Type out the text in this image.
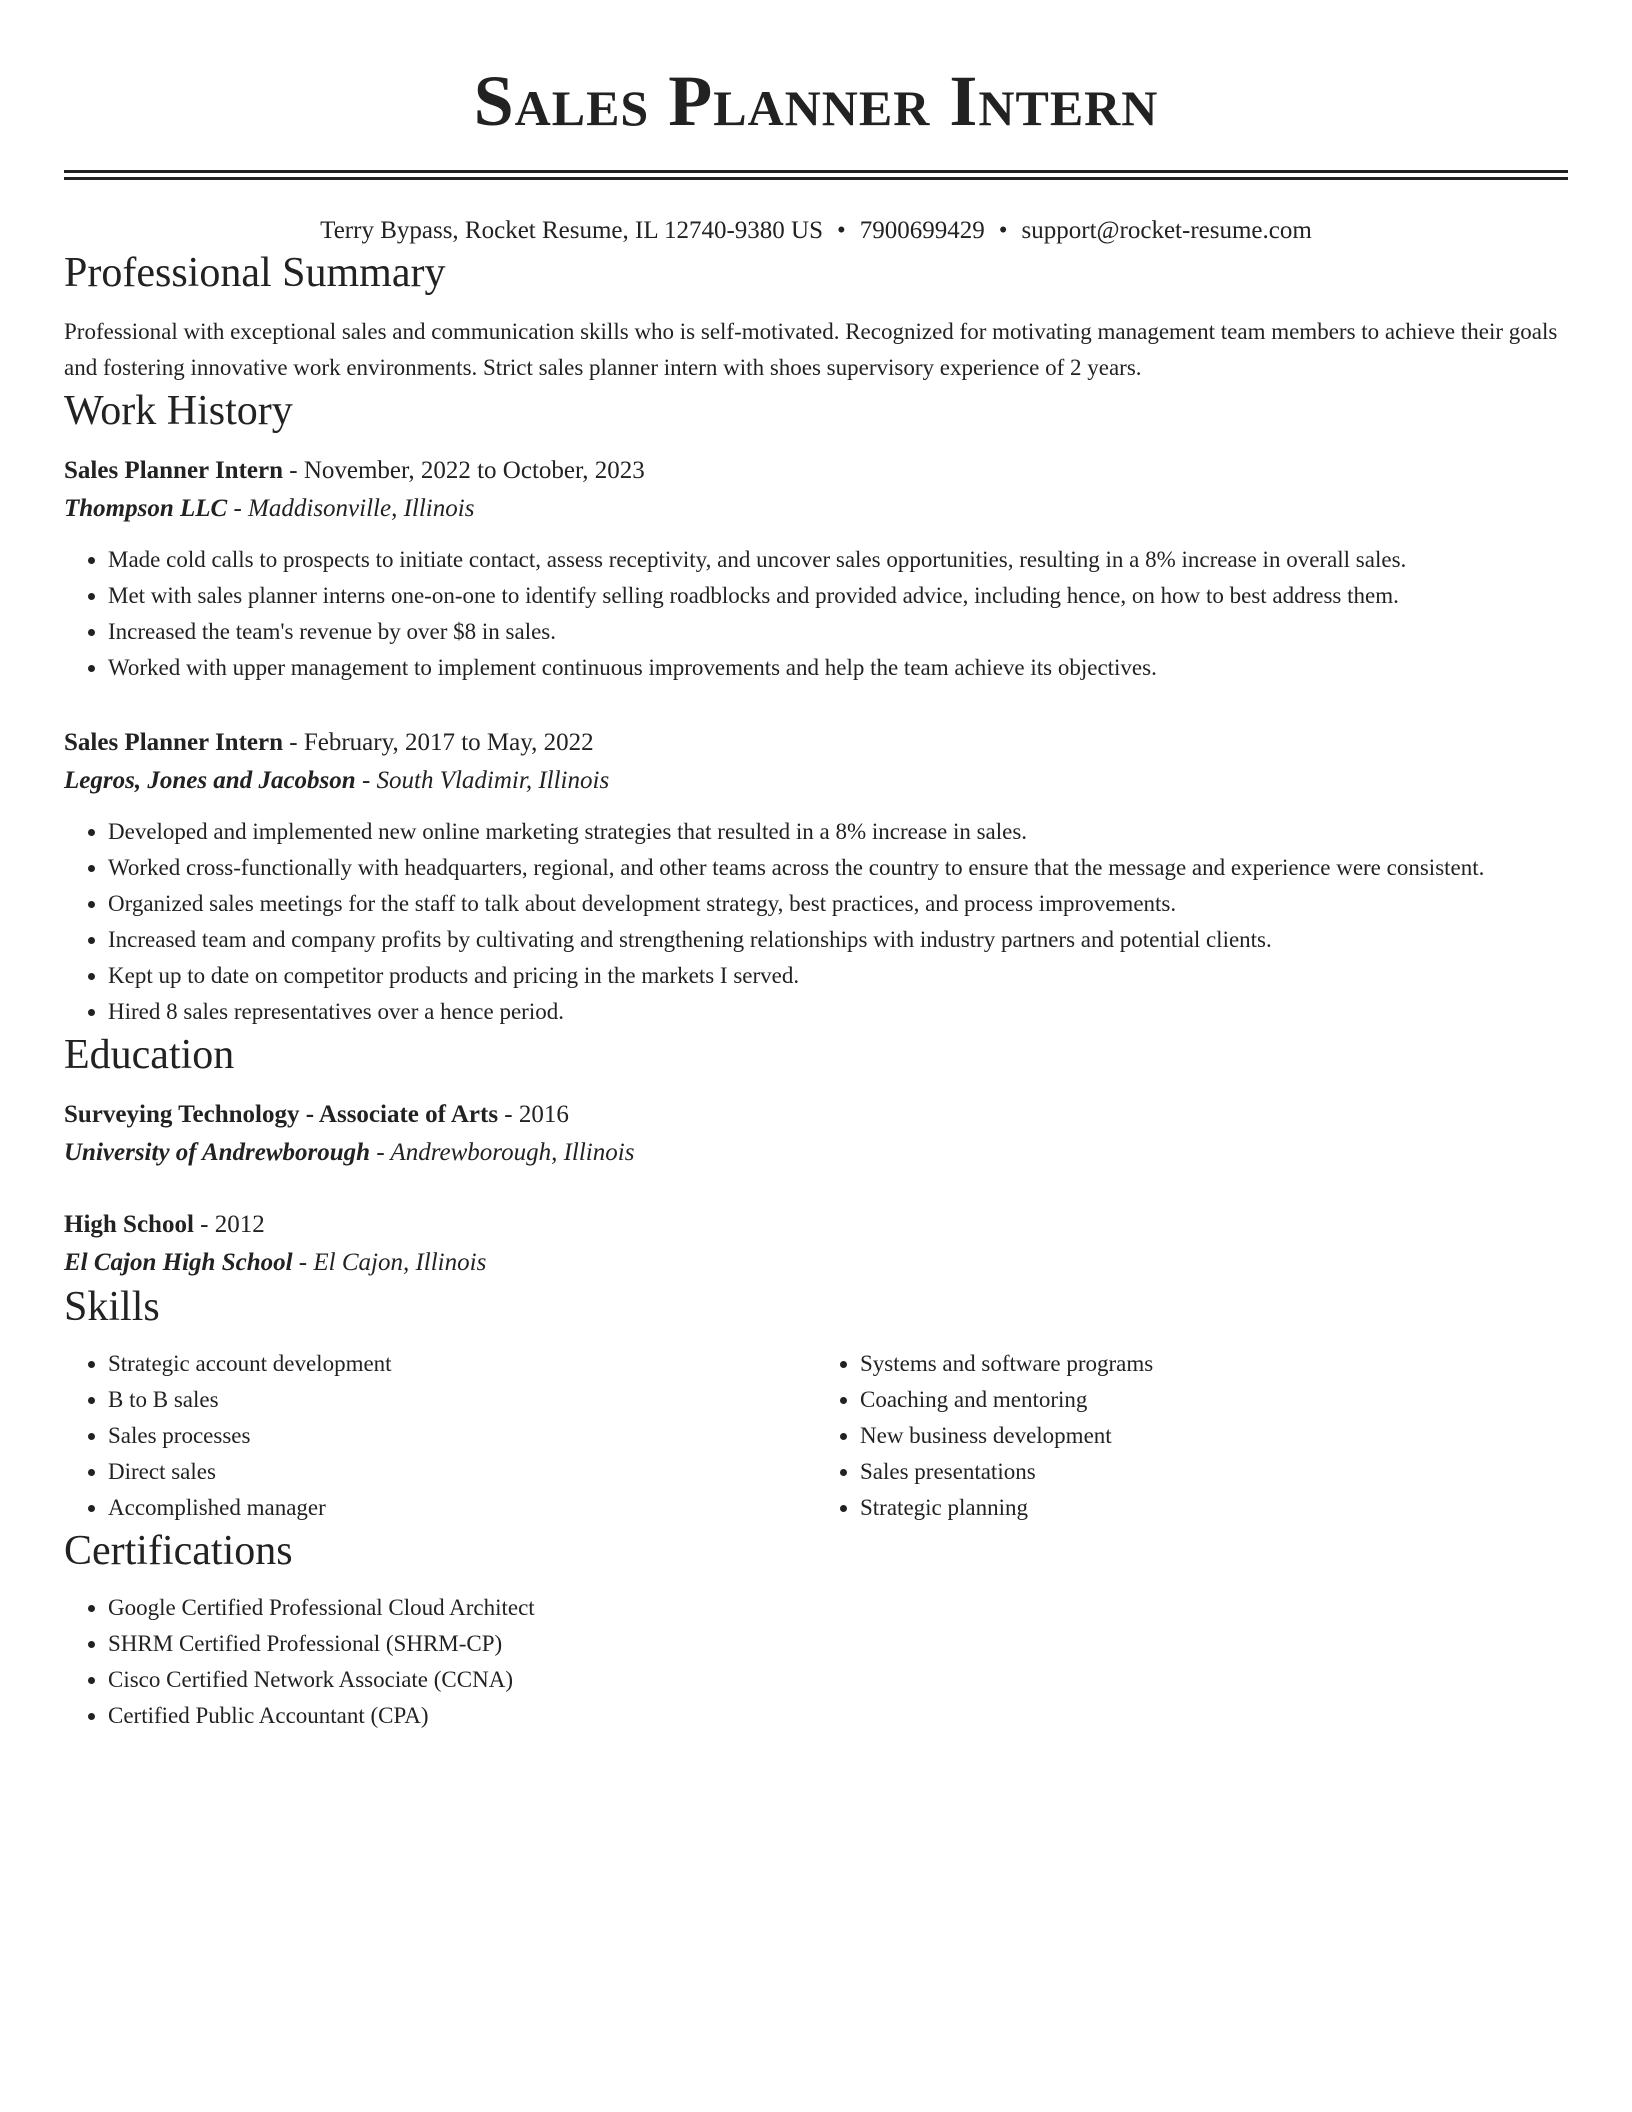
Sales Planner Intern
Terry Bypass, Rocket Resume, IL 12740-9380 US • 7900699429 • support@rocket-resume.com
Professional Summary

Professional with exceptional sales and communication skills who is self-motivated. Recognized for motivating management team members to achieve their goals and fostering innovative work environments. Strict sales planner intern with shoes supervisory experience of 2 years.

Work History
Sales Planner Intern - November, 2022 to October, 2023
Thompson LLC - Maddisonville, Illinois
• Made cold calls to prospects to initiate contact, assess receptivity, and uncover sales opportunities, resulting in a 8% increase in overall sales.
• Met with sales planner interns one-on-one to identify selling roadblocks and provided advice, including hence, on how to best address them.
• Increased the team's revenue by over $8 in sales.
• Worked with upper management to implement continuous improvements and help the team achieve its objectives.
Sales Planner Intern - February, 2017 to May, 2022
Legros, Jones and Jacobson - South Vladimir, Illinois
• Developed and implemented new online marketing strategies that resulted in a 8% increase in sales.
• Worked cross-functionally with headquarters, regional, and other teams across the country to ensure that the message and experience were consistent.
• Organized sales meetings for the staff to talk about development strategy, best practices, and process improvements.
• Increased team and company profits by cultivating and strengthening relationships with industry partners and potential clients.
• Kept up to date on competitor products and pricing in the markets I served.
• Hired 8 sales representatives over a hence period.
Education
Surveying Technology - Associate of Arts - 2016
University of Andrewborough - Andrewborough, Illinois
High School - 2012
El Cajon High School - El Cajon, Illinois
Skills
• Strategic account development
• B to B sales
• Sales processes
• Direct sales
• Accomplished manager
• Systems and software programs
• Coaching and mentoring
• New business development
• Sales presentations
• Strategic planning
Certifications
• Google Certified Professional Cloud Architect
• SHRM Certified Professional (SHRM-CP)
• Cisco Certified Network Associate (CCNA)
• Certified Public Accountant (CPA)
